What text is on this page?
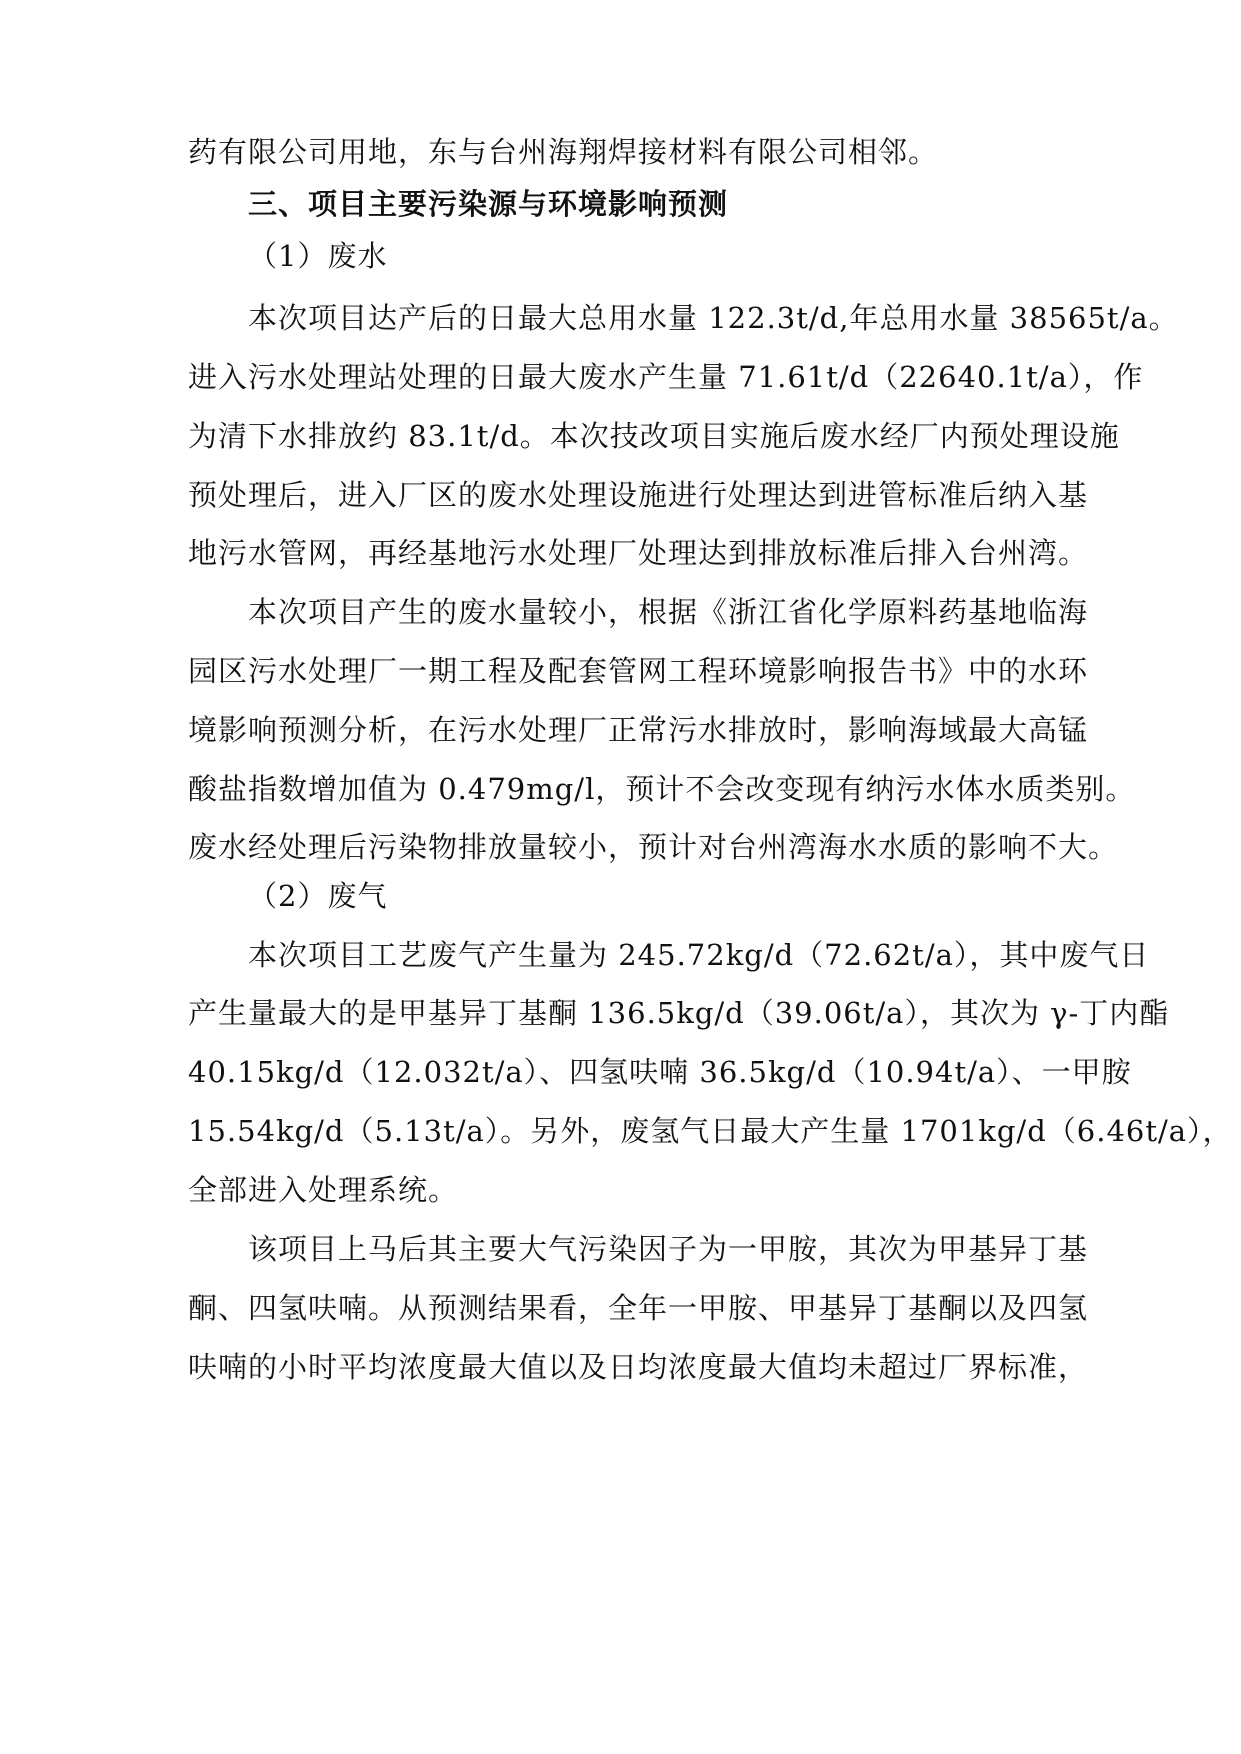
药有限公司用地，东与台州海翔焊接材料有限公司相邻。
三、项目主要污染源与环境影响预测
（1）废水
本次项目达产后的日最大总用水量 122.3t/d,年总用水量 38565t/a。
进入污水处理站处理的日最大废水产生量 71.61t/d（22640.1t/a），作
为清下水排放约 83.1t/d。本次技改项目实施后废水经厂内预处理设施
预处理后，进入厂区的废水处理设施进行处理达到进管标准后纳入基
地污水管网，再经基地污水处理厂处理达到排放标准后排入台州湾。
本次项目产生的废水量较小，根据《浙江省化学原料药基地临海
园区污水处理厂一期工程及配套管网工程环境影响报告书》中的水环
境影响预测分析，在污水处理厂正常污水排放时，影响海域最大高锰
酸盐指数增加值为 0.479mg/l，预计不会改变现有纳污水体水质类别。
废水经处理后污染物排放量较小，预计对台州湾海水水质的影响不大。
（2）废气
本次项目工艺废气产生量为 245.72kg/d（72.62t/a），其中废气日
产生量最大的是甲基异丁基酮 136.5kg/d（39.06t/a），其次为 γ-丁内酯
40.15kg/d（12.032t/a）、四氢呋喃 36.5kg/d（10.94t/a）、一甲胺
15.54kg/d（5.13t/a）。另外，废氢气日最大产生量 1701kg/d（6.46t/a），
全部进入处理系统。
该项目上马后其主要大气污染因子为一甲胺，其次为甲基异丁基
酮、四氢呋喃。从预测结果看，全年一甲胺、甲基异丁基酮以及四氢
呋喃的小时平均浓度最大值以及日均浓度最大值均未超过厂界标准，
